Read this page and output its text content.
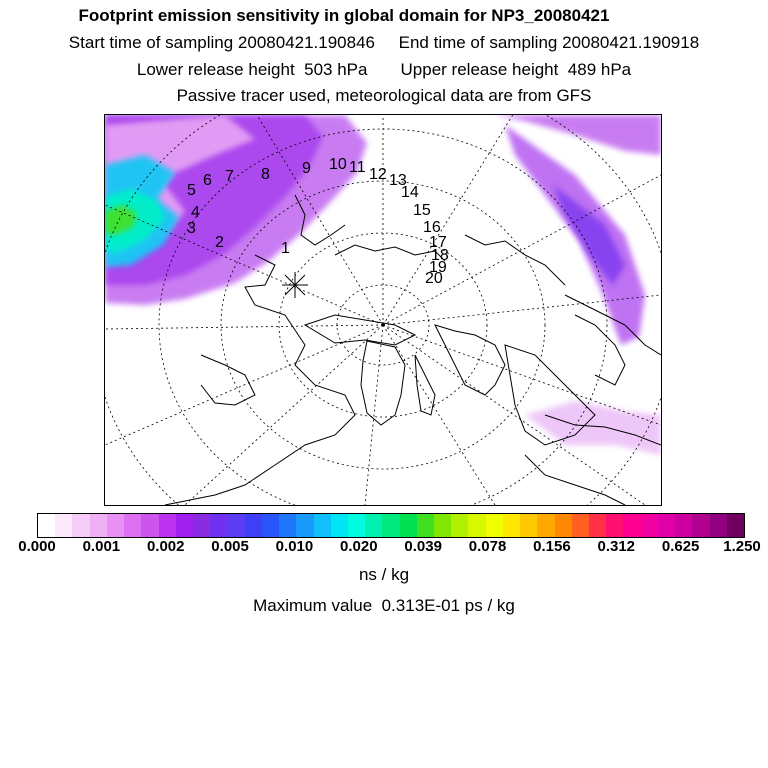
Footprint emission sensitivity in global domain for NP3_20080421
Start time of sampling 20080421.190846     End time of sampling 20080421.190918
Lower release height  503 hPa       Upper release height  489 hPa
Passive tracer used, meteorological data are from GFS
1
2
3
4
5
6 7 8 9 10 11 12 13
14
15
16
17
18
19
20
0.000 0.001 0.002 0.005 0.010 0.020 0.039 0.078 0.156 0.312 0.625 1.250
ns / kg
Maximum value  0.313E-01 ps / kg
